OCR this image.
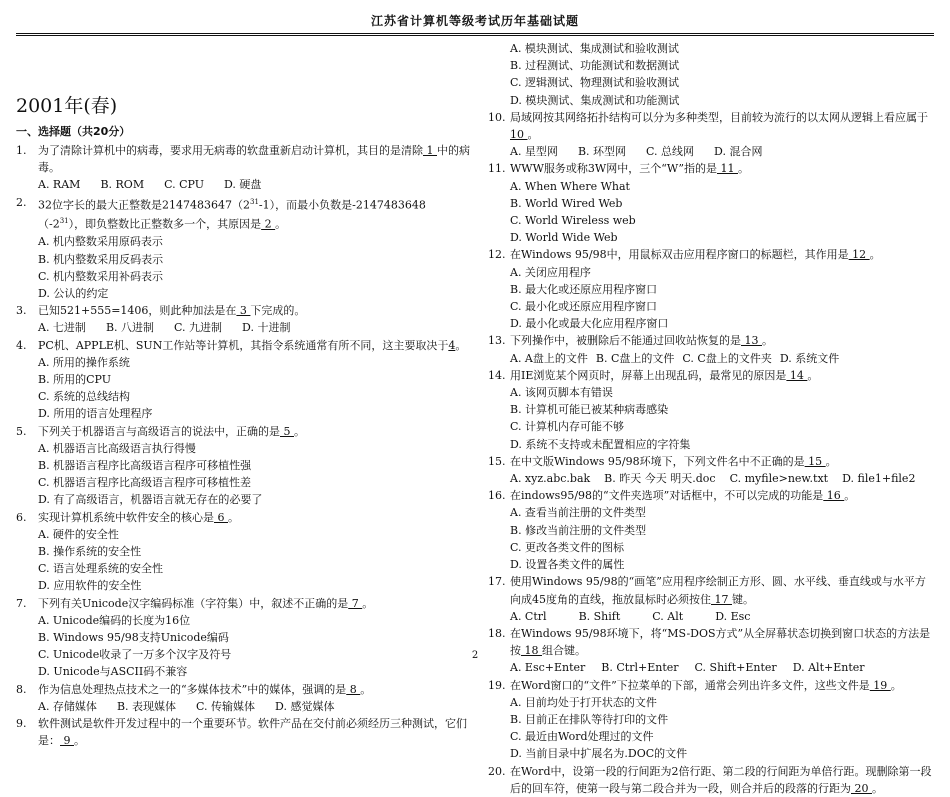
江苏省计算机等级考试历年基础试题
2001年(春)
一、选择题（共20分）
1. 为了清除计算机中的病毒，要求用无病毒的软盘重新启动计算机，其目的是清除 1 中的病毒。
A. RAM B. ROM C. CPU D. 硬盘
2. 32位字长的最大正整数是$2147483647(2^{31}-1)$，而最小负数是$-2147483648(-2^{31})$，即负整数比正整数多一个，其原因是 2 。
A. 机内整数采用原码表示
B. 机内整数采用反码表示
C. 机内整数采用补码表示
D. 公认的约定
3. 已知521+555=1406，则此种加法是在 3 下完成的。
A. 七进制 B. 八进制 C. 九进制 D. 十进制
4. PC机、APPLE机、SUN工作站等计算机，其指令系统通常有所不同，这主要取决于4。
A. 所用的操作系统
B. 所用的CPU
C. 系统的总线结构
D. 所用的语言处理程序
5. 下列关于机器语言与高级语言的说法中，正确的是 5 。
A. 机器语言比高级语言执行得慢
B. 机器语言程序比高级语言程序可移植性强
C. 机器语言程序比高级语言程序可移植性差
D. 有了高级语言，机器语言就无存在的必要了
6. 实现计算机系统中软件安全的核心是 6 。
A. 硬件的安全性
B. 操作系统的安全性
C. 语言处理系统的安全性
D. 应用软件的安全性
7. 下列有关Unicode汉字编码标准（字符集）中，叙述不正确的是 7 。
A. Unicode编码的长度为16位
B. Windows 95/98支持Unicode编码
C. Unicode收录了一万多个汉字及符号
D. Unicode与ASCII码不兼容
8. 作为信息处理热点技术之一的“多媒体技术”中的媒体，强调的是 8 。
A. 存储媒体 B. 表现媒体 C. 传输媒体 D. 感觉媒体
9. 软件测试是软件开发过程中的一个重要环节。软件产品在交付前必须经历三种测试，它们是： 9 。
A. 模块测试、集成测试和验收测试
B. 过程测试、功能测试和数据测试
C. 逻辑测试、物理测试和验收测试
D. 模块测试、集成测试和功能测试
10. 局域网按其网络拓扑结构可以分为多种类型，目前较为流行的以太网从逻辑上看应属于 10 。
A. 星型网 B. 环型网 C. 总线网 D. 混合网
11. WWW服务或称3W网中，三个“W”指的是 11 。
A. When Where What
B. World Wired Web
C. World Wireless web
D. World Wide Web
12. 在Windows 95/98中，用鼠标双击应用程序窗口的标题栏，其作用是 12 。
A. 关闭应用程序
B. 最大化或还原应用程序窗口
C. 最小化或还原应用程序窗口
D. 最小化或最大化应用程序窗口
13. 下列操作中，被删除后不能通过回收站恢复的是 13 。
A. A盘上的文件 B. C盘上的文件 C. C盘上的文件夹 D. 系统文件
14. 用IE浏览某个网页时，屏幕上出现乱码，最常见的原因是 14 。
A. 该网页脚本有错误
B. 计算机可能已被某种病毒感染
C. 计算机内存可能不够
D. 系统不支持或未配置相应的字符集
15. 在中文版Windows 95/98环境下，下列文件名中不正确的是 15 。
A. xyz.abc.bak B. 昨天 今天 明天.doc C. myfile>new.txt D. file1+file2
16. 在indows95/98的“文件夹选项”对话框中，不可以完成的功能是 16 。
A. 查看当前注册的文件类型
B. 修改当前注册的文件类型
C. 更改各类文件的图标
D. 设置各类文件的属性
17. 使用Windows 95/98的“画笔”应用程序绘制正方形、圆、水平线、垂直线或与水平方向成45度角的直线，拖放鼠标时必须按住 17 键。
A. Ctrl	B. Shift	C. Alt	D. Esc
18. 在Windows 95/98环境下，将“MS-DOS方式”从全屏幕状态切换到窗口状态的方法是按 18 组合键。
A. Esc+Enter B. Ctrl+Enter C. Shift+Enter D. Alt+Enter
19. 在Word窗口的“文件”下拉菜单的下部，通常会列出许多文件，这些文件是 19 。
A. 目前均处于打开状态的文件
B. 目前正在排队等待打印的文件
C. 最近由Word处理过的文件
D. 当前目录中扩展名为.DOC的文件
20. 在Word中，设第一段的行间距为2倍行距、第二段的行间距为单倍行距。现删除第一段后的回车符，使第一段与第二段合并为一段，则合并后的段落的行距为 20 。
2
